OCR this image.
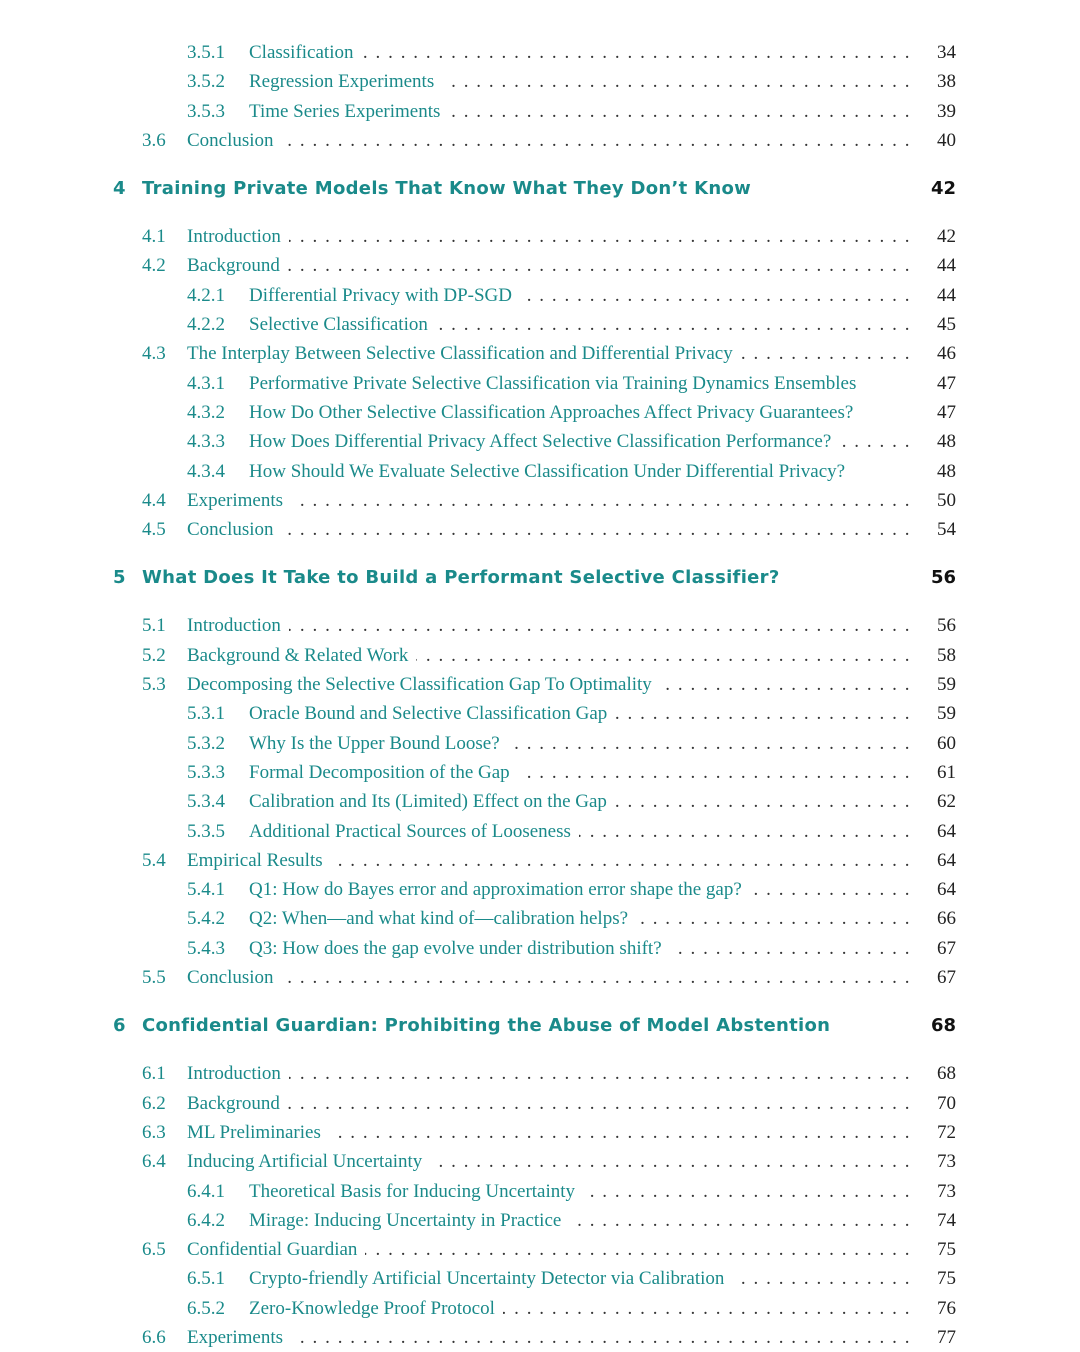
3.5.1 Classification . . .	34
3.5.2 Regression Experiments . . .	38
3.5.3 Time Series Experiments . . .	39
3.6 Conclusion . . .	40
4 Training Private Models That Know What They Don’t Know	42
4.1 Introduction . . .	42
4.2 Background . . .	44
4.2.1 Differential Privacy with DP-SGD . . .	44
4.2.2 Selective Classification . . .	45
4.3 The Interplay Between Selective Classification and Differential Privacy . . .	46
4.3.1 Performative Private Selective Classification via Training Dynamics Ensembles	47
4.3.2 How Do Other Selective Classification Approaches Affect Privacy Guarantees?	47
4.3.3 How Does Differential Privacy Affect Selective Classification Performance? . . .	48
4.3.4 How Should We Evaluate Selective Classification Under Differential Privacy?	48
4.4 Experiments . . .	50
4.5 Conclusion . . .	54
5 What Does It Take to Build a Performant Selective Classifier?	56
5.1 Introduction . . .	56
5.2 Background & Related Work . . .	58
5.3 Decomposing the Selective Classification Gap To Optimality . . .	59
5.3.1 Oracle Bound and Selective Classification Gap . . .	59
5.3.2 Why Is the Upper Bound Loose? . . .	60
5.3.3 Formal Decomposition of the Gap . . .	61
5.3.4 Calibration and Its (Limited) Effect on the Gap . . .	62
5.3.5 Additional Practical Sources of Looseness . . .	64
5.4 Empirical Results . . .	64
5.4.1 Q1: How do Bayes error and approximation error shape the gap? . . .	64
5.4.2 Q2: When—and what kind of—calibration helps? . . .	66
5.4.3 Q3: How does the gap evolve under distribution shift? . . .	67
5.5 Conclusion . . .	67
6 Confidential Guardian: Prohibiting the Abuse of Model Abstention	68
6.1 Introduction . . .	68
6.2 Background . . .	70
6.3 ML Preliminaries . . .	72
6.4 Inducing Artificial Uncertainty . . .	73
6.4.1 Theoretical Basis for Inducing Uncertainty . . .	73
6.4.2 Mirage: Inducing Uncertainty in Practice . . .	74
6.5 Confidential Guardian . . .	75
6.5.1 Crypto-friendly Artificial Uncertainty Detector via Calibration . . .	75
6.5.2 Zero-Knowledge Proof Protocol . . .	76
6.6 Experiments . . .	77
